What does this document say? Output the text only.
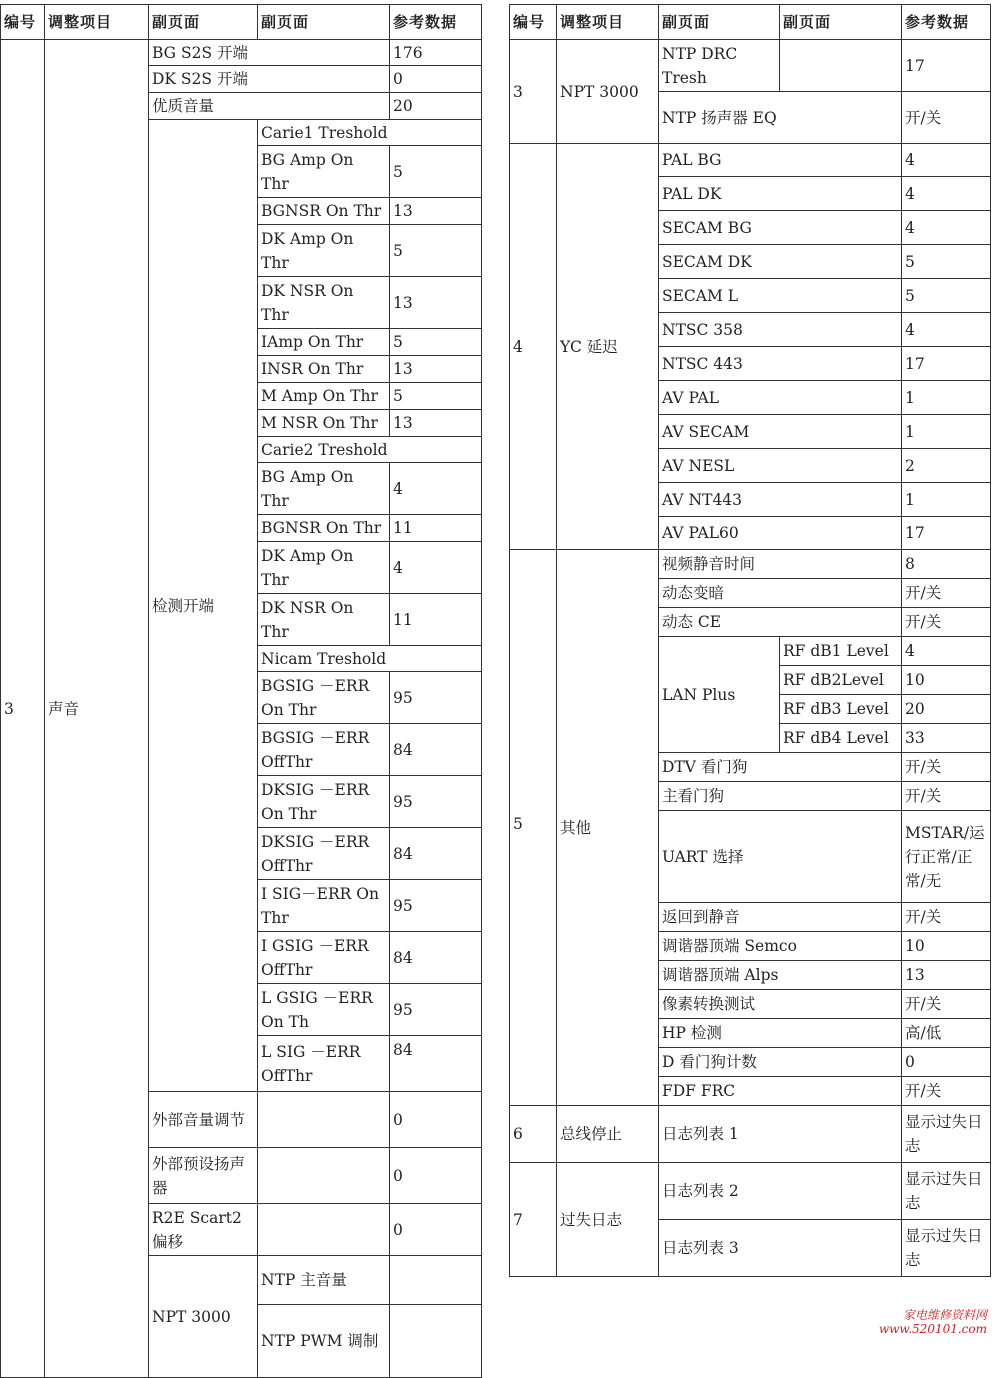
编号	调整项目	副页面	副页面	参考数据	
3	声音	BG S2S 开端		176	
		DK S2S 开端		0	
		优质音量		20	
		检测开端	Carie1 Treshold		
			BG Amp On Thr	5	
			BGNSR On Thr	13	
			DK Amp On Thr	5	
			DK NSR On Thr	13	
			IAmp On Thr	5	
			INSR On Thr	13	
			M Amp On Thr	5	
			M NSR On Thr	13	
			Carie2 Treshold		
			BG Amp On Thr	4	
			BGNSR On Thr	11	
			DK Amp On Thr	4	
			DK NSR On Thr	11	
			Nicam Treshold		
			BGSIG －ERR On Thr	95	
			BGSIG －ERR OffThr	84	
			DKSIG －ERR On Thr	95	
			DKSIG －ERR OffThr	84	
			I SIG－ERR On Thr	95	
			I GSIG －ERR OffThr	84	
			L GSIG －ERR On Th	95	
			L SIG －ERR OffThr	84	
		外部音量调节		0	
		外部预设扬声器		0	
		R2E Scart2 偏移		0	
		NPT 3000	NTP 主音量		
			NTP PWM 调制		
编号	调整项目	副页面	副页面	参考数据
3	NPT 3000	NTP DRC Tresh		17
		NTP 扬声器 EQ		开/关
4	YC 延迟	PAL BG		4
		PAL DK		4
		SECAM BG		4
		SECAM DK		5
		SECAM L		5
		NTSC 358		4
		NTSC 443		17
		AV PAL		1
		AV SECAM		1
		AV NESL		2
		AV NT443		1
		AV PAL60		17

5	其他	视频静音时间		8
		动态变暗		开/关
		动态 CE		开/关
		LAN Plus	RF dB1 Level	4
			RF dB2Level	10
			RF dB3 Level	20
			RF dB4 Level	33
		DTV 看门狗		开/关
		主看门狗		开/关
		UART 选择		MSTAR/运行正常/正常/无
		返回到静音		开/关
		调谐器顶端 Semco		10
		调谐器顶端 Alps		13
		像素转换测试		开/关
		HP 检测		高/低
		D 看门狗计数		0
		FDF FRC		开/关
6	总线停止	日志列表 1		显示过失日志
7	过失日志	日志列表 2		显示过失日志
		日志列表 3		显示过失日志
家电维修资料网
www.520101.com
